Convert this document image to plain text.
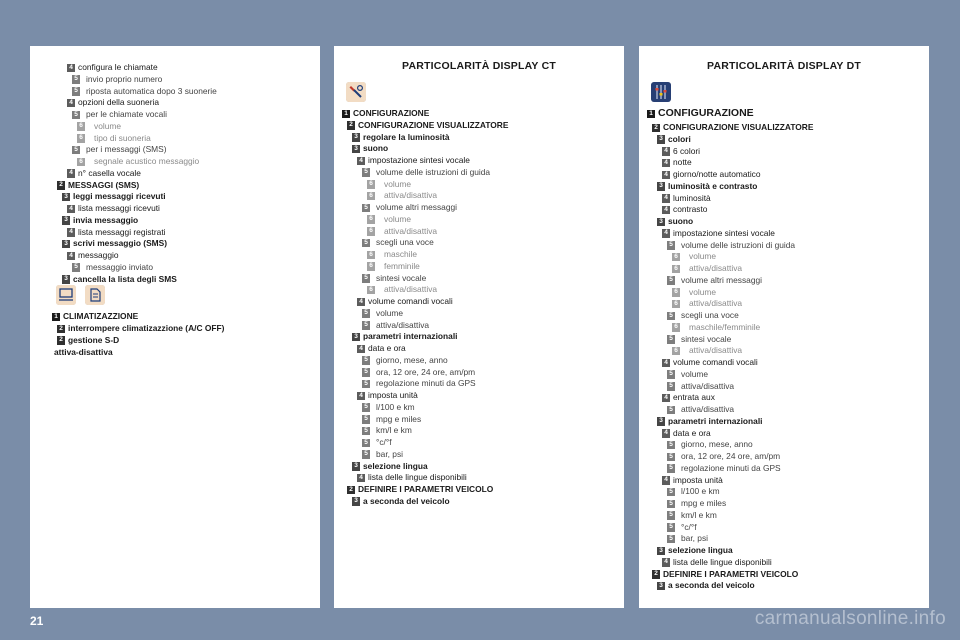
4 configura le chiamate
5 invio proprio numero
5 riposta automatica dopo 3 suonerie
4 opzioni della suoneria
5 per le chiamate vocali
6 volume
6 tipo di suoneria
5 per i messaggi (SMS)
6 segnale acustico messaggio
4 n° casella vocale
2 MESSAGGI (SMS)
3 leggi messaggi ricevuti
4 lista messaggi ricevuti
3 invia messaggio
4 lista messaggi registrati
3 scrivi messaggio (SMS)
4 messaggio
5 messaggio inviato
3 cancella la lista degli SMS
1 CLIMATIZAZZIONE
2 interrompere climatizazzione (A/C OFF)
2 gestione S-D
attiva-disattiva
PARTICOLARITÀ DISPLAY CT
1 CONFIGURAZIONE
2 CONFIGURAZIONE VISUALIZZATORE
3 regolare la luminosità
3 suono
4 impostazione sintesi vocale
5 volume delle istruzioni di guida
6 volume
6 attiva/disattiva
5 volume altri messaggi
6 volume
6 attiva/disattiva
5 scegli una voce
6 maschile
6 femminile
5 sintesi vocale
6 attiva/disattiva
4 volume comandi vocali
5 volume
5 attiva/disattiva
3 parametri internazionali
4 data e ora
5 giorno, mese, anno
5 ora, 12 ore, 24 ore, am/pm
5 regolazione minuti da GPS
4 imposta unità
5 l/100 e km
5 mpg e miles
5 km/l e km
5 °c/°f
5 bar, psi
3 selezione lingua
4 lista delle lingue disponibili
2 DEFINIRE I PARAMETRI VEICOLO
3 a seconda del veicolo
PARTICOLARITÀ DISPLAY DT
1 CONFIGURAZIONE
2 CONFIGURAZIONE VISUALIZZATORE
3 colori
4 6 colori
4 notte
4 giorno/notte automatico
3 luminosità e contrasto
4 luminosità
4 contrasto
3 suono
4 impostazione sintesi vocale
5 volume delle istruzioni di guida
6 volume
6 attiva/disattiva
5 volume altri messaggi
6 volume
6 attiva/disattiva
5 scegli una voce
6 maschile/femminile
5 sintesi vocale
6 attiva/disattiva
4 volume comandi vocali
5 volume
5 attiva/disattiva
4 entrata aux
5 attiva/disattiva
3 parametri internazionali
4 data e ora
5 giorno, mese, anno
5 ora, 12 ore, 24 ore, am/pm
5 regolazione minuti da GPS
4 imposta unità
5 l/100 e km
5 mpg e miles
5 km/l e km
5 °c/°f
5 bar, psi
3 selezione lingua
4 lista delle lingue disponibili
2 DEFINIRE I PARAMETRI VEICOLO
3 a seconda del veicolo
21	carmanualsonline.info
